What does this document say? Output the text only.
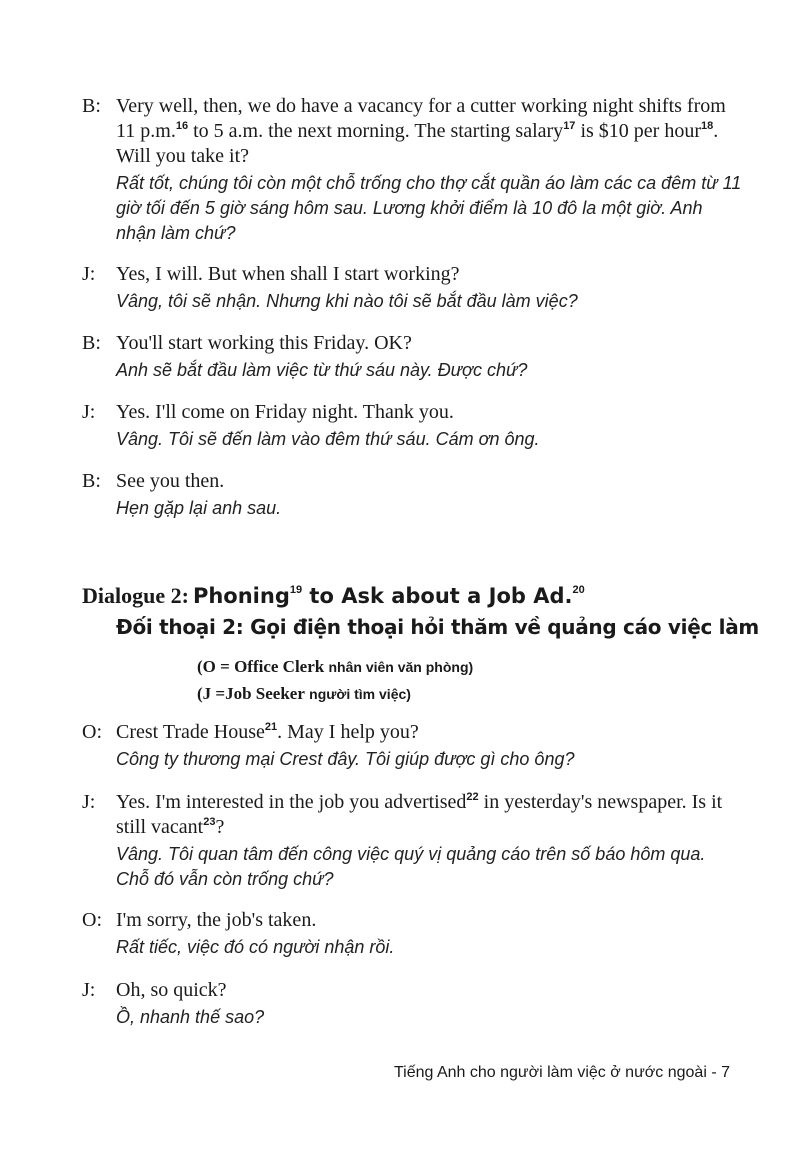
B: Very well, then, we do have a vacancy for a cutter working night shifts from 11 p.m.$^{16}$ to 5 a.m. the next morning. The starting salary$^{17}$ is $10 per hour$^{18}$. Will you take it?
Rất tốt, chúng tôi còn một chỗ trống cho thợ cắt quần áo làm các ca đêm từ 11 giờ tối đến 5 giờ sáng hôm sau. Lương khởi điểm là 10 đô la một giờ. Anh nhận làm chứ?
J: Yes, I will. But when shall I start working?
Vâng, tôi sẽ nhận. Nhưng khi nào tôi sẽ bắt đầu làm việc?
B: You'll start working this Friday. OK?
Anh sẽ bắt đầu làm việc từ thứ sáu này. Được chứ?
J: Yes. I'll come on Friday night. Thank you.
Vâng. Tôi sẽ đến làm vào đêm thứ sáu. Cám ơn ông.
B: See you then.
Hẹn gặp lại anh sau.
Dialogue 2: Phoning$^{19}$ to Ask about a Job Ad.$^{20}$
Đối thoại 2: Gọi điện thoại hỏi thăm về quảng cáo việc làm
(O = Office Clerk nhân viên văn phòng)
(J =Job Seeker người tìm việc)
O: Crest Trade House$^{21}$. May I help you?
Công ty thương mại Crest đây. Tôi giúp được gì cho ông?
J: Yes. I'm interested in the job you advertised$^{22}$ in yesterday's newspaper. Is it still vacant$^{23}$?
Vâng. Tôi quan tâm đến công việc quý vị quảng cáo trên số báo hôm qua. Chỗ đó vẫn còn trống chứ?
O: I'm sorry, the job's taken.
Rất tiếc, việc đó có người nhận rồi.
J: Oh, so quick?
Ồ, nhanh thế sao?
Tiếng Anh cho người làm việc ở nước ngoài - 7
